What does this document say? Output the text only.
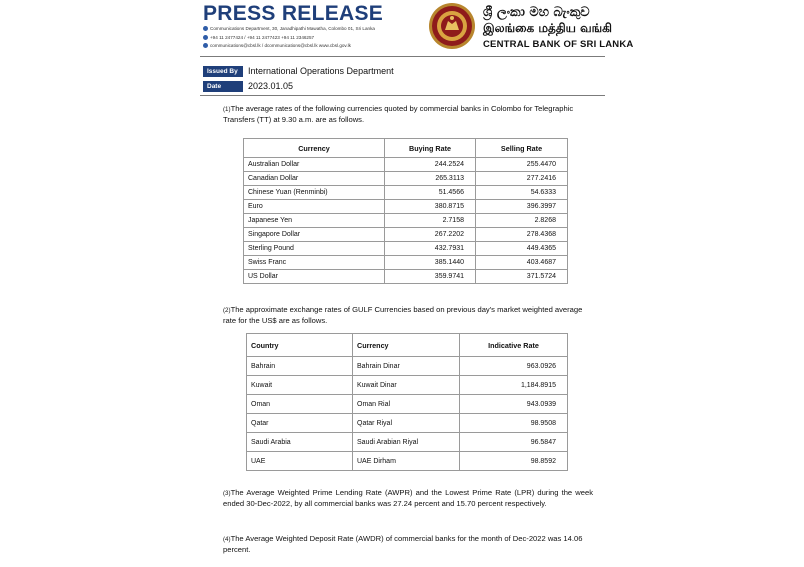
PRESS RELEASE
Communications Department, 30, Janadhipathi Mawatha, Colombo 01, Sri Lanka
+94 11 2477424 / +94 11 2477423 +94 11 2346257
communications@cbsl.lk / dcommunications@cbsl.lk www.cbsl.gov.lk
ශ්‍රී ලංකා මහ බැංකුව
இலங்கை மத்திய வங்கி
CENTRAL BANK OF SRI LANKA
Issued By	International Operations Department
Date	2023.01.05
(1)The average rates of the following currencies quoted by commercial banks in Colombo for Telegraphic Transfers (TT) at 9.30 a.m. are as follows.
Currency	Buying Rate	Selling Rate
Australian Dollar	244.2524	255.4470
Canadian Dollar	265.3113	277.2416
Chinese Yuan (Renminbi)	51.4566	54.6333
Euro	380.8715	396.3997
Japanese Yen	2.7158	2.8268
Singapore Dollar	267.2202	278.4368
Sterling Pound	432.7931	449.4365
Swiss Franc	385.1440	403.4687
US Dollar	359.9741	371.5724
(2)The approximate exchange rates of GULF Currencies based on previous day's market weighted average rate for the US$ are as follows.
Country	Currency	Indicative Rate
Bahrain	Bahrain Dinar	963.0926
Kuwait	Kuwait Dinar	1,184.8915
Oman	Oman Rial	943.0939
Qatar	Qatar Riyal	98.9508
Saudi Arabia	Saudi Arabian Riyal	96.5847
UAE	UAE Dirham	98.8592
(3)The Average Weighted Prime Lending Rate (AWPR) and the Lowest Prime Rate (LPR) during the week ended 30-Dec-2022, by all commercial banks was 27.24 percent and 15.70 percent respectively.
(4)The Average Weighted Deposit Rate (AWDR) of commercial banks for the month of Dec-2022 was 14.06 percent.
